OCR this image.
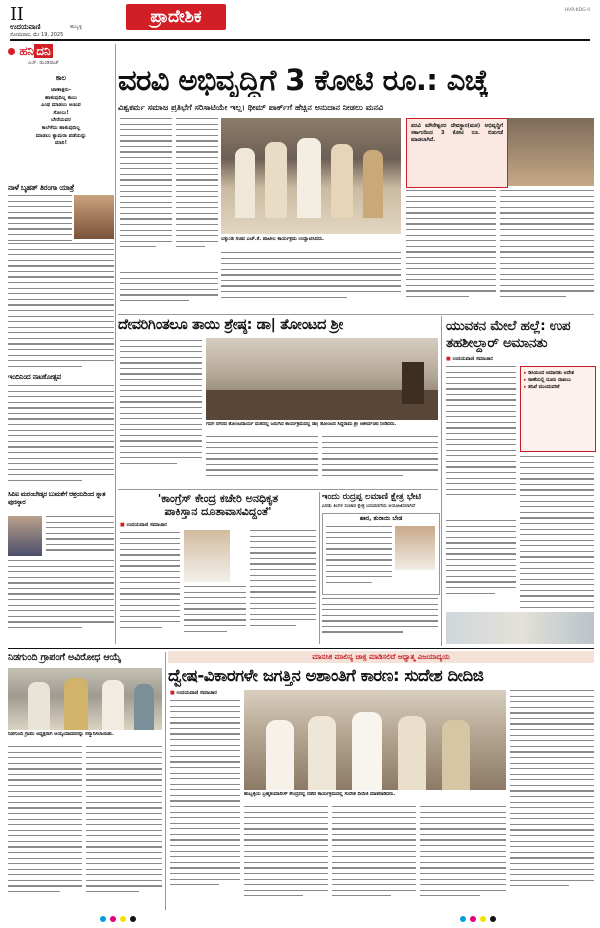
II
ಉದಯವಾಣಿ	ಹುಬ್ಬಳ್ಳಿ
ಸೋಮವಾರ, ಮೇ 19, 2025
ಪ್ರಾದೇಶಿಕ	HVR-KDG-II
ಹನಿ ದನಿ
ಎಚ್. ಡುಂಡಿರಾಜ್
ಕಾಲ
ಚಾಣಾಕ್ಷರು-
ಹಾಕುವುದಿಲ್ಲ ಕಾಲು
ಎಂಥ ಮಾಡಲು ಅಣುವ
ಸೋಲು!
ಬೇರೆಯವರ
ಕಾಲೆಳೆದು ಹಾಕುವುದಿಲ್ಲ
ಮಾಡಲು ಕ್ಯಾಮರಾ ಪಡೆಯನ್ನು
ಮಾರಿ!
ನಾಳೆ ಬೃಹತ್ ತಿರಂಗಾ ಯಾತ್ರೆ
ಇಂದಿನಿಂದ ನಾಟಕೋತ್ಸವ
ಸಿಪಿಐ ಮರಂಬೇಡ್ಕರ ಬುಮಕೆಗೆ ಆಶ್ರಯದಿಂದ ಸ್ನಾತ ಪುರಸ್ಕಾರ
ವರವಿ ಅಭಿವೃದ್ಧಿಗೆ 3 ಕೋಟಿ ರೂ.: ಎಚ್ಕೆ
ವಿಶ್ವಕರ್ಮ ಸಮಾಜ ಪ್ರತಿಭೆಗೆ ಸರಿಸಾಟಿಯೇ ಇಲ್ಲ। ಥೀಮ್ ಪಾರ್ಕ್‌ಗೆ ಹೆಚ್ಚಿನ ಅನುದಾನ ನೀಡಲು ಮನವಿ
ಲಕ್ಕುಂಡಿ ಸಚಿವ ಎಚ್.ಕೆ. ಪಾಟೀಲ ಕಾರ್ಯಕ್ರಮ ಉದ್ಘಾಟಿಸಿದರು.
ವರವಿ ಮೌನೇಶ್ವರರ ದೇವಸ್ಥಾನ(ಮಠ) ಅಭಿವೃದ್ಧಿಗೆ ಸರ್ಕಾರದಿಂದ 3 ಕೋಟಿ ರೂ. ಬಿಡುಗಡೆ ಮಾಡಲಾಗಿದೆ.
ದೇವರಿಗಿಂತಲೂ ತಾಯಿ ಶ್ರೇಷ್ಠ: ಡಾ| ತೋಂಟದ ಶ್ರೀ
ಗದಗ ನಗರದ ತೋಂಟದಾರ್ಯ ಮಠದಲ್ಲಿ ಜರುಗಿದ ಕಾರ್ಯಕ್ರಮದಲ್ಲಿ ಡಾ| ತೋಂಟದ ಸಿದ್ದರಾಮ ಶ್ರೀ ಆಶೀರ್ವಚನ ನೀಡಿದರು.
ಯುವಕನ ಮೇಲೆ ಹಲ್ಲೆ: ಉಪ ತಹಶೀಲ್ದಾರ್ ಅಮಾನತು
■ ಉದಯವಾಣಿ ಸಮಾಚಾರ
▸ ಡಿಸಿಯಿಂದ ಅಮಾನತು ಆದೇಶ
▸ ಠಾಣೆಯಲ್ಲಿ ದೂರು ದಾಖಲು
▸ ತನಿಖೆ ಮುಂದುವರಿಕೆ
'ಕಾಂಗ್ರೆಸ್ ಕೇಂದ್ರ ಕಚೇರಿ ಅನಧಿಕೃತ
ಪಾಕಿಸ್ತಾನ ದೂತಾವಾಸವಿದ್ದಂತೆ'
■ ಉದಯವಾಣಿ ಸಮಾಚಾರ
ಇಂದು ರುದ್ರಪ್ಪ ಲಮಾಣಿ ಕ್ಷೇತ್ರ ಭೇಟಿ
ಎರಡು ತಿಂಗಳ ಸಂಚಾರ ಕ್ಷೇತ್ರ ಬರುವಣಿಗೆಯ ಆಯೋಜಿಸಲಾಗಿದೆ
ಹಾರ, ತುರಾಯಿ ಬೇಡ
ನಿಡಗುಂದಿ ಗ್ರಾಪಂಗೆ ಅವಿರೋಧ ಆಯ್ಕೆ
ನಿಡಗುಂದಿ ಗ್ರಾಪಂ ಅಧ್ಯಕ್ಷರಾಗಿ ಆಯ್ಕೆಯಾದವರನ್ನು ಸನ್ಮಾನಿಸಲಾಯಿತು.
ಮಾನಸಿಕ ಮಾಲಿನ್ಯ ಚಾಕ್ಸ ಮಾಡಿಸಲಿದೆ ಆಧ್ಯಾತ್ಮ ವಿಜಯಾದ್ಯಯ
ದ್ವೇಷ-ವಿಕಾರಗಳೇ ಜಗತ್ತಿನ ಅಶಾಂತಿಗೆ ಕಾರಣ: ಸುದೇಶ ದೀದಿಜಿ
■ ಉದಯವಾಣಿ ಸಮಾಚಾರ
ಹುಬ್ಬಳ್ಳಿಯ ಬ್ರಹ್ಮಕುಮಾರೀಸ್ ಕೇಂದ್ರದಲ್ಲಿ ನಡೆದ ಕಾರ್ಯಕ್ರಮದಲ್ಲಿ ಸುದೇಶ ದೀದಿಜಿ ಮಾತನಾಡಿದರು.
